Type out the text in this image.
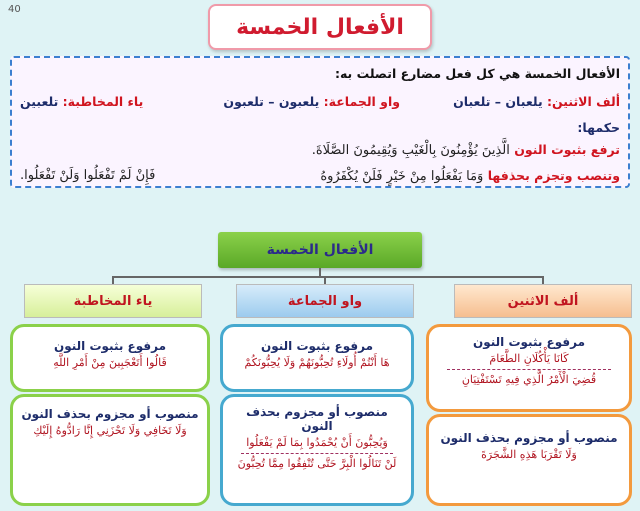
40
الأفعال الخمسة
الأفعال الخمسة هي كل فعل مضارع اتصلت به:
ألف الاثنين: يلعبان – تلعبان
واو الجماعة: يلعبون – تلعبون
ياء المخاطبة: تلعبين
حكمها:
ترفع بثبوت النون الَّذِينَ يُؤْمِنُونَ بِالْغَيْبِ وَيُقِيمُونَ الصَّلَاةَ.
وتنصب وتجزم بحذفها وَمَا يَفْعَلُوا مِنْ خَيْرٍ فَلَنْ يُكْفَرُوهُ
فَإِنْ لَمْ تَفْعَلُوا وَلَنْ تَفْعَلُوا.
الأفعال الخمسة
ياء المخاطبة	واو الجماعة	ألف الاثنين
مرفوع بثبوت النون
قَالُوا أَتَعْجَبِينَ مِنْ أَمْرِ اللَّهِ
منصوب أو مجزوم بحذف النون
وَلَا تَخَافِي وَلَا تَحْزَنِي إِنَّا رَادُّوهُ إِلَيْكِ
مرفوع بثبوت النون
هَا أَنْتُمْ أُولَاءِ تُحِبُّونَهُمْ وَلَا يُحِبُّونَكُمْ
منصوب أو مجزوم بحذف النون
وَيُحِبُّونَ أَنْ يُحْمَدُوا بِمَا لَمْ يَفْعَلُوا
لَنْ تَنَالُوا الْبِرَّ حَتَّى تُنْفِقُوا مِمَّا تُحِبُّونَ
مرفوع بثبوت النون
كَانَا يَأْكُلَانِ الطَّعَامَ
قُضِيَ الْأَمْرُ الَّذِي فِيهِ تَسْتَفْتِيَانِ
منصوب أو مجزوم بحذف النون
وَلَا تَقْرَبَا هَذِهِ الشَّجَرَةَ
